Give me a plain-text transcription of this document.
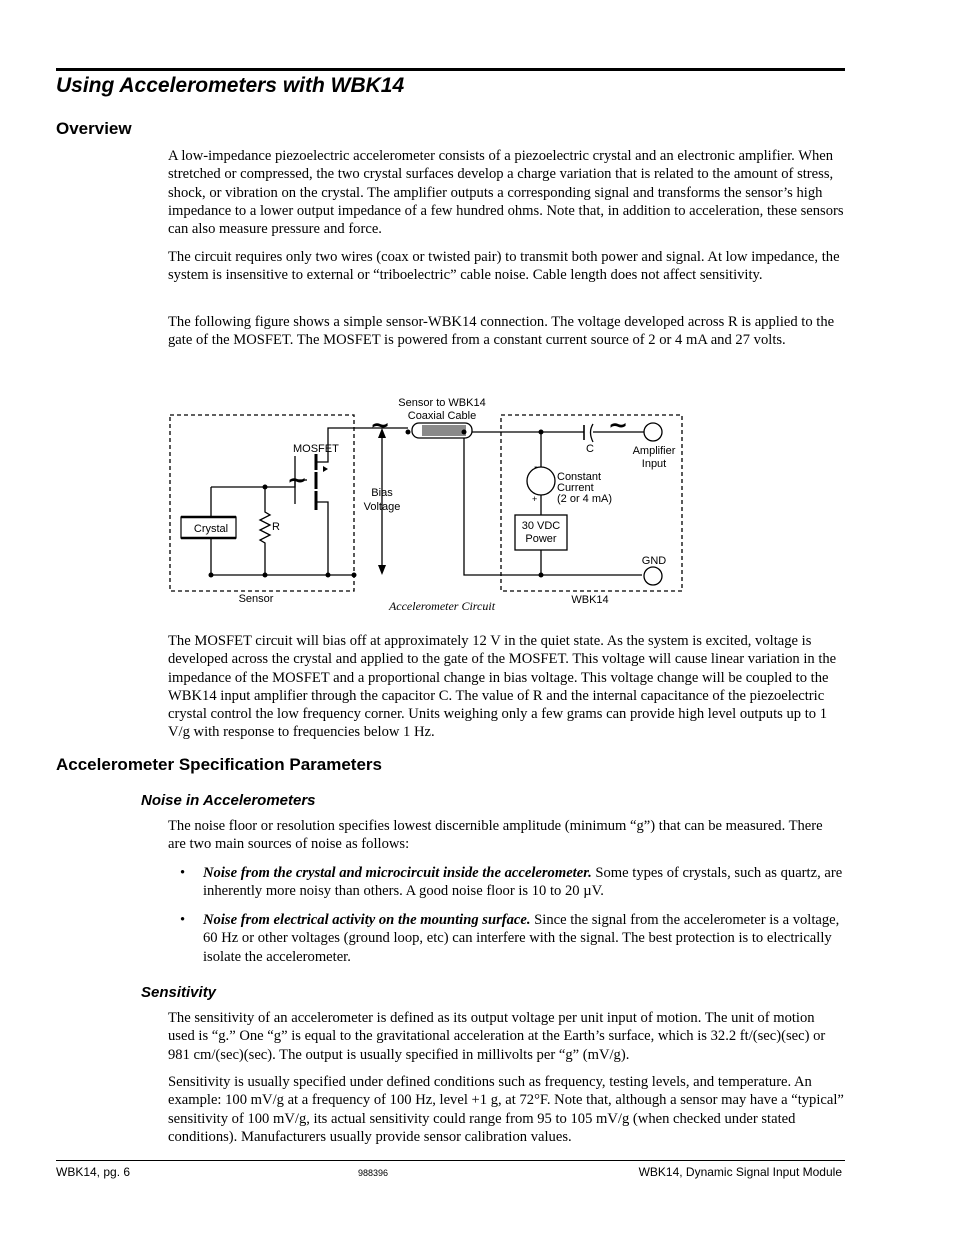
Using Accelerometers with WBK14
Overview

A low-impedance piezoelectric accelerometer consists of a piezoelectric crystal and an electronic amplifier. When stretched or compressed, the two crystal surfaces develop a charge variation that is related to the amount of stress, shock, or vibration on the crystal. The amplifier outputs a corresponding signal and transforms the sensor’s high impedance to a lower output impedance of a few hundred ohms. Note that, in addition to acceleration, these sensors can also measure pressure and force.

The circuit requires only two wires (coax or twisted pair) to transmit both power and signal. At low impedance, the system is insensitive to external or “triboelectric” cable noise. Cable length does not affect sensitivity.

The following figure shows a simple sensor-WBK14 connection. The voltage developed across R is applied to the gate of the MOSFET. The MOSFET is powered from a constant current source of 2 or 4 mA and 27 volts.

Sensor to WBK14
Coaxial Cable
MOSFET
Bias
Voltage
Crystal	R
C	Amplifier
Input
Constant
Current
(2 or 4 mA)
-
+
30 VDC
Power
GND
Sensor	WBK14
Accelerometer Circuit
~
~
~

The MOSFET circuit will bias off at approximately 12 V in the quiet state. As the system is excited, voltage is developed across the crystal and applied to the gate of the MOSFET. This voltage will cause linear variation in the impedance of the MOSFET and a proportional change in bias voltage. This voltage change will be coupled to the WBK14 input amplifier through the capacitor C. The value of R and the internal capacitance of the piezoelectric crystal control the low frequency corner. Units weighing only a few grams can provide high level outputs up to 1 V/g with response to frequencies below 1 Hz.

Accelerometer Specification Parameters
Noise in Accelerometers

The noise floor or resolution specifies lowest discernible amplitude (minimum “g”) that can be measured. There are two main sources of noise as follows:

• Noise from the crystal and microcircuit inside the accelerometer. Some types of crystals, such as quartz, are inherently more noisy than others. A good noise floor is 10 to 20 µV.

• Noise from electrical activity on the mounting surface. Since the signal from the accelerometer is a voltage, 60 Hz or other voltages (ground loop, etc) can interfere with the signal. The best protection is to electrically isolate the accelerometer.

Sensitivity

The sensitivity of an accelerometer is defined as its output voltage per unit input of motion. The unit of motion used is “g.” One “g” is equal to the gravitational acceleration at the Earth’s surface, which is 32.2 ft/(sec)(sec) or 981 cm/(sec)(sec). The output is usually specified in millivolts per “g” (mV/g).

Sensitivity is usually specified under defined conditions such as frequency, testing levels, and temperature. An example: 100 mV/g at a frequency of 100 Hz, level +1 g, at 72°F. Note that, although a sensor may have a “typical” sensitivity of 100 mV/g, its actual sensitivity could range from 95 to 105 mV/g (when checked under stated conditions). Manufacturers usually provide sensor calibration values.

WBK14, pg. 6	988396	WBK14, Dynamic Signal Input Module
